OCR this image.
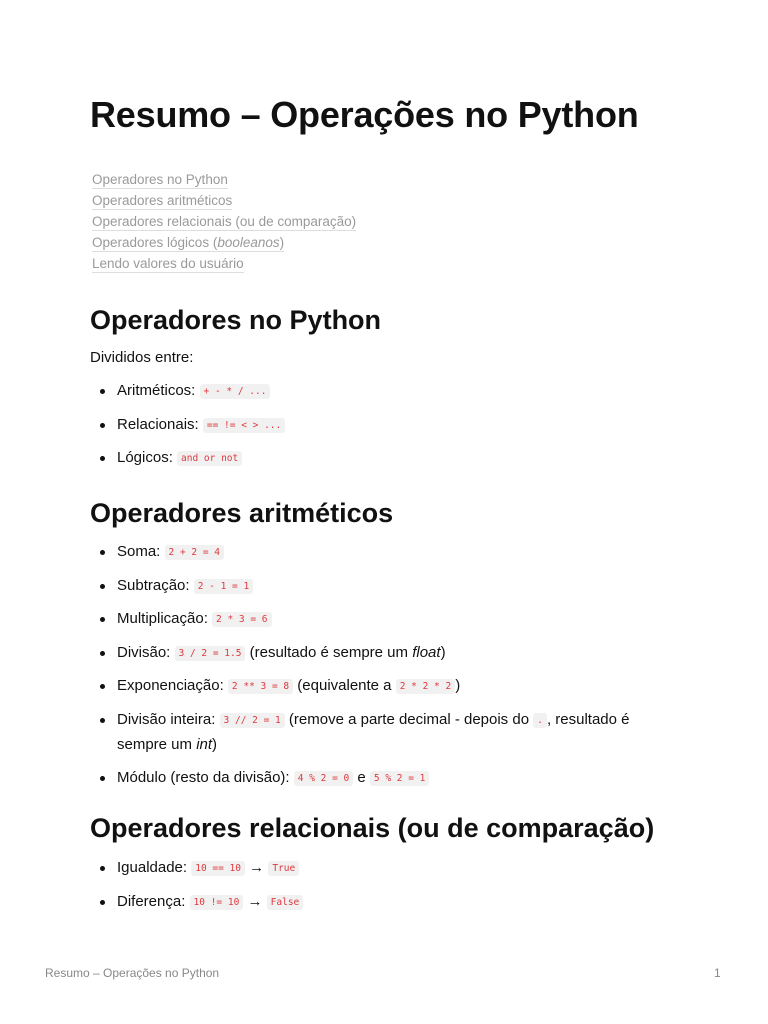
Resumo – Operações no Python
Operadores no Python
Operadores aritméticos
Operadores relacionais (ou de comparação)
Operadores lógicos (booleanos)
Lendo valores do usuário
Operadores no Python

Divididos entre:

Aritméticos: + - * / ...
Relacionais: == != < > ...
Lógicos: and or not
Operadores aritméticos
Soma: 2 + 2 = 4
Subtração: 2 - 1 = 1
Multiplicação: 2 * 3 = 6
Divisão: 3 / 2 = 1.5 (resultado é sempre um float)
Exponenciação: 2 ** 3 = 8 (equivalente a 2 * 2 * 2 )
Divisão inteira: 3 // 2 = 1 (remove a parte decimal - depois do . , resultado é sempre um int)
Módulo (resto da divisão): 4 % 2 = 0 e 5 % 2 = 1
Operadores relacionais (ou de comparação)
Igualdade: 10 == 10 → True
Diferença: 10 != 10 → False
Resumo – Operações no Python	1
